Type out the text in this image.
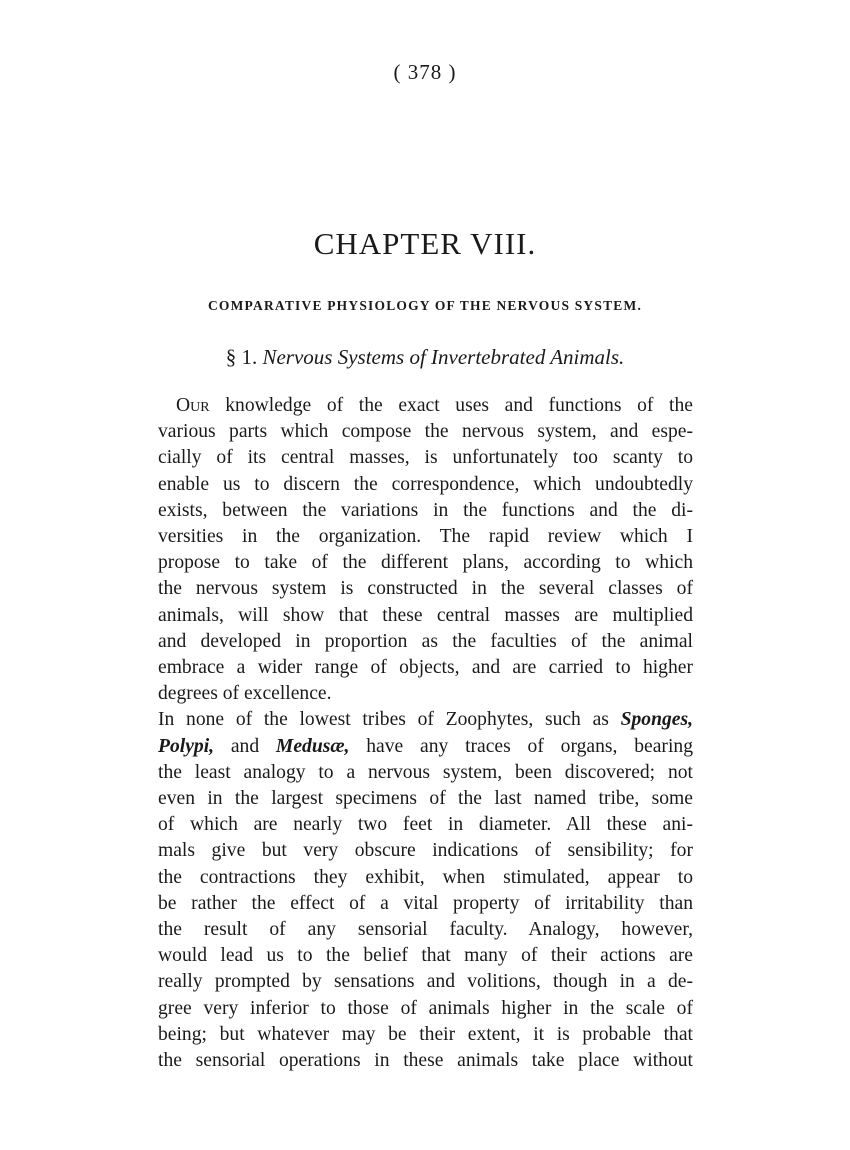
( 378 )
CHAPTER VIII.
COMPARATIVE PHYSIOLOGY OF THE NERVOUS SYSTEM.
§ 1. Nervous Systems of Invertebrated Animals.
Our knowledge of the exact uses and functions of the
various parts which compose the nervous system, and espe-
cially of its central masses, is unfortunately too scanty to
enable us to discern the correspondence, which undoubtedly
exists, between the variations in the functions and the di-
versities in the organization. The rapid review which I
propose to take of the different plans, according to which
the nervous system is constructed in the several classes of
animals, will show that these central masses are multiplied
and developed in proportion as the faculties of the animal
embrace a wider range of objects, and are carried to higher
degrees of excellence.
In none of the lowest tribes of Zoophytes, such as Sponges,
Polypi, and Medusæ, have any traces of organs, bearing
the least analogy to a nervous system, been discovered; not
even in the largest specimens of the last named tribe, some
of which are nearly two feet in diameter. All these ani-
mals give but very obscure indications of sensibility; for
the contractions they exhibit, when stimulated, appear to
be rather the effect of a vital property of irritability than
the result of any sensorial faculty. Analogy, however,
would lead us to the belief that many of their actions are
really prompted by sensations and volitions, though in a de-
gree very inferior to those of animals higher in the scale of
being; but whatever may be their extent, it is probable that
the sensorial operations in these animals take place without
